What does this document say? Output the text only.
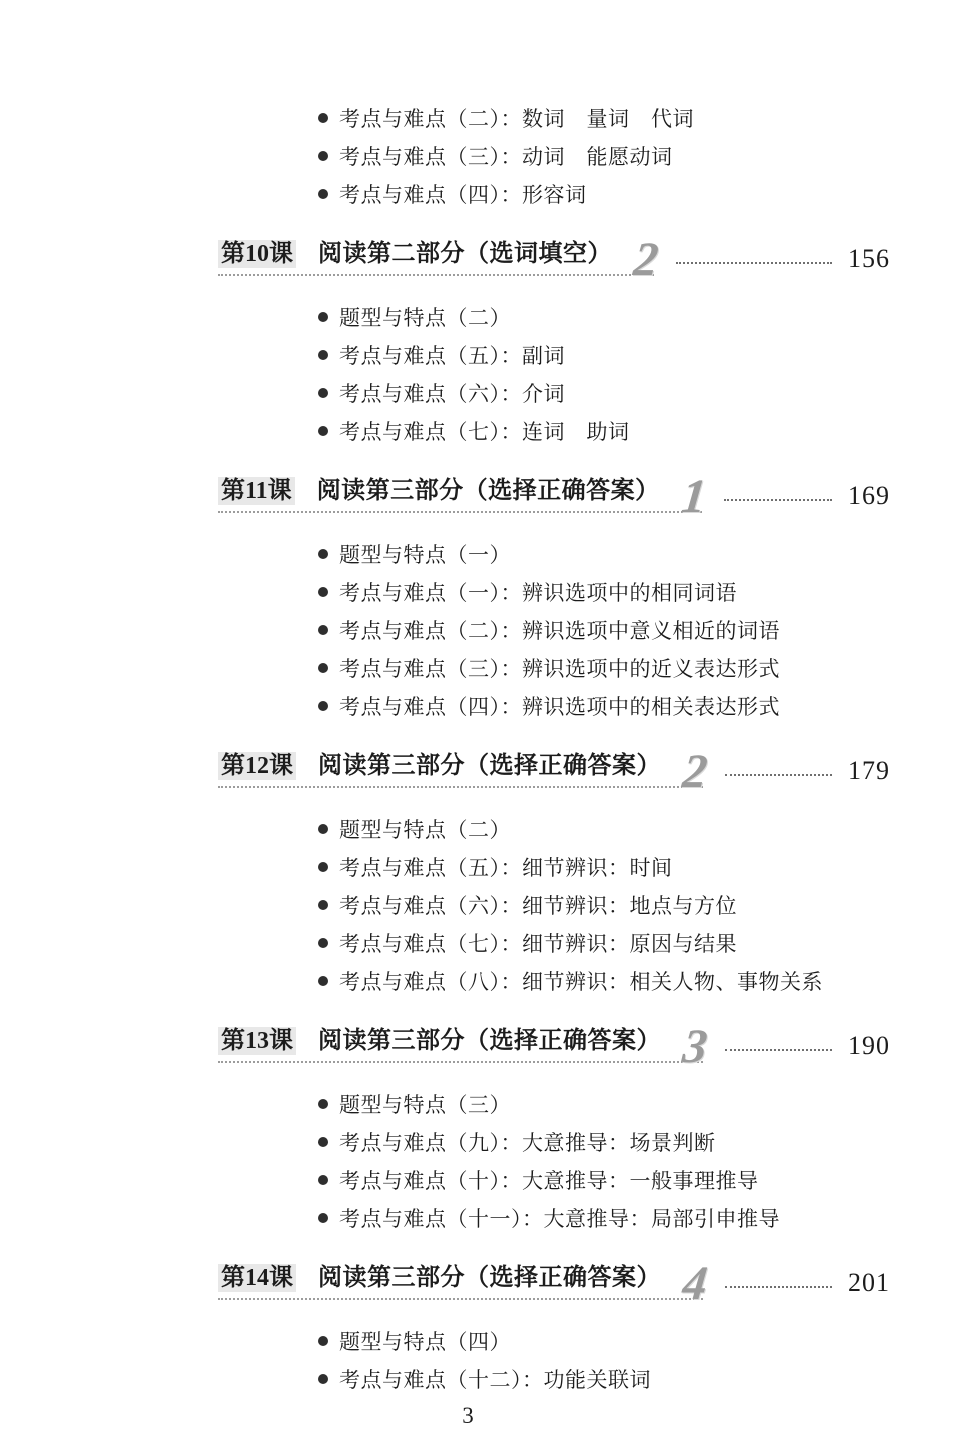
考点与难点（二）：数词　量词　代词
考点与难点（三）：动词　能愿动词
考点与难点（四）：形容词
第10课 阅读第二部分（选词填空） 2	156
题型与特点（二）
考点与难点（五）：副词
考点与难点（六）：介词
考点与难点（七）：连词　助词
第11课 阅读第三部分（选择正确答案） 1	169
题型与特点（一）
考点与难点（一）：辨识选项中的相同词语
考点与难点（二）：辨识选项中意义相近的词语
考点与难点（三）：辨识选项中的近义表达形式
考点与难点（四）：辨识选项中的相关表达形式
第12课 阅读第三部分（选择正确答案） 2	179
题型与特点（二）
考点与难点（五）：细节辨识：时间
考点与难点（六）：细节辨识：地点与方位
考点与难点（七）：细节辨识：原因与结果
考点与难点（八）：细节辨识：相关人物、事物关系
第13课 阅读第三部分（选择正确答案） 3	190
题型与特点（三）
考点与难点（九）：大意推导：场景判断
考点与难点（十）：大意推导：一般事理推导
考点与难点（十一）：大意推导：局部引申推导
第14课 阅读第三部分（选择正确答案） 4	201
题型与特点（四）
考点与难点（十二）：功能关联词
3
